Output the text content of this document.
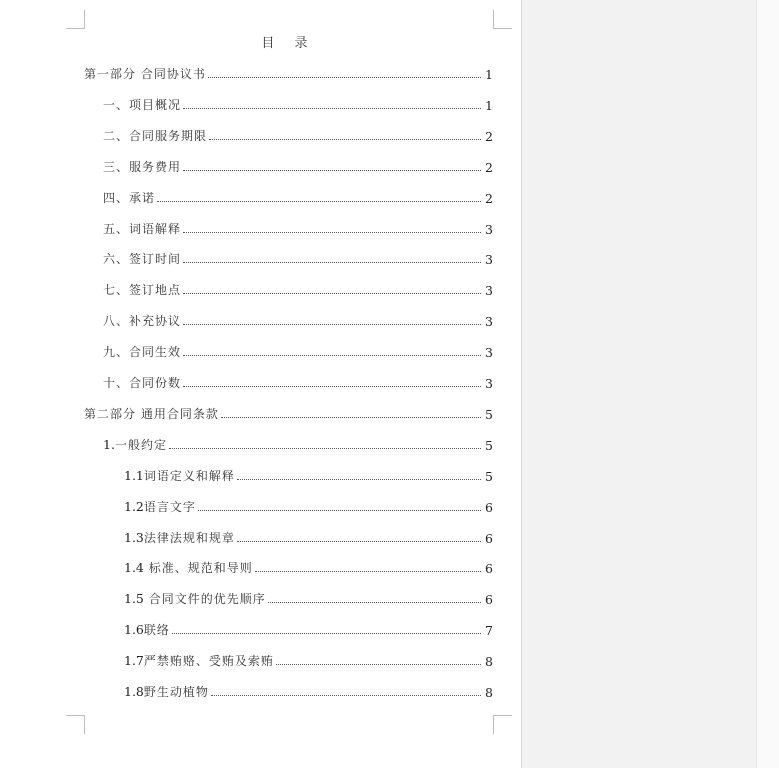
目 录
第一部分 合同协议书	1
一、项目概况	1
二、合同服务期限	2
三、服务费用	2
四、承诺	2
五、词语解释	3
六、签订时间	3
七、签订地点	3
八、补充协议	3
九、合同生效	3
十、合同份数	3
第二部分 通用合同条款	5
1.一般约定	5
1.1词语定义和解释	5
1.2语言文字	6
1.3法律法规和规章	6
1.4 标准、规范和导则	6
1.5 合同文件的优先顺序	6
1.6联络	7
1.7严禁贿赂、受贿及索贿	8
1.8野生动植物	8
